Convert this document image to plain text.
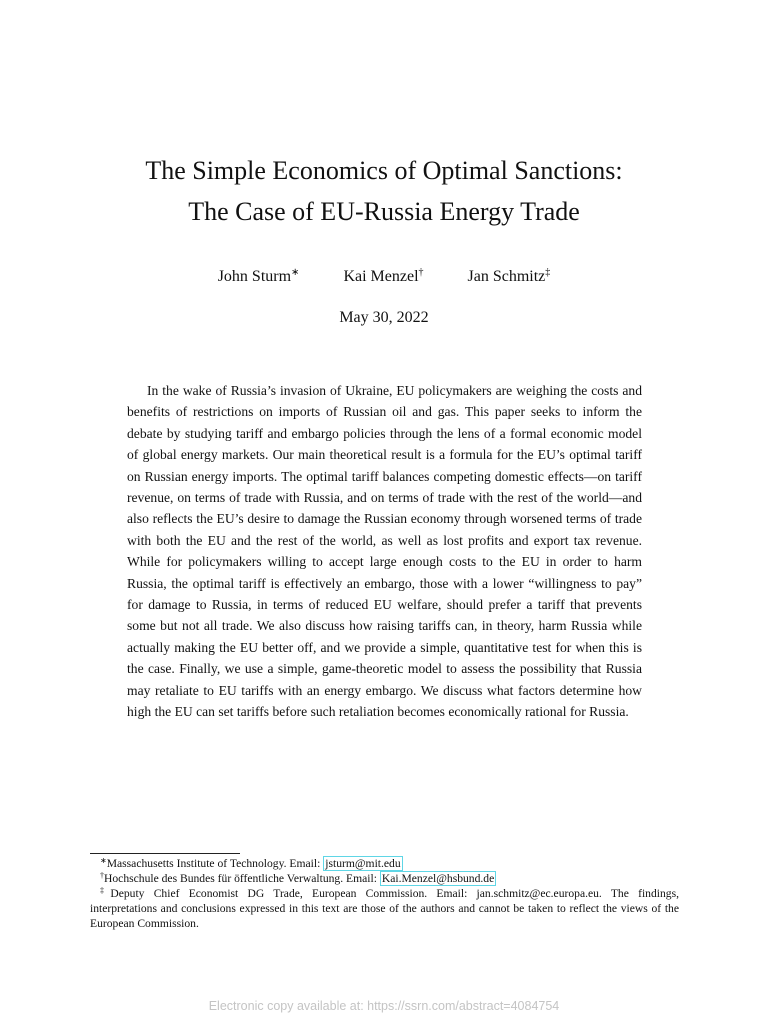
The Simple Economics of Optimal Sanctions:
The Case of EU-Russia Energy Trade
John Sturm∗	Kai Menzel†	Jan Schmitz‡
May 30, 2022

In the wake of Russia’s invasion of Ukraine, EU policymakers are weighing the costs and benefits of restrictions on imports of Russian oil and gas. This paper seeks to inform the debate by studying tariff and embargo policies through the lens of a formal economic model of global energy markets. Our main theoretical result is a formula for the EU’s optimal tariff on Russian energy imports. The optimal tariff balances competing domestic effects—on tariff revenue, on terms of trade with Russia, and on terms of trade with the rest of the world—and also reflects the EU’s desire to damage the Russian economy through worsened terms of trade with both the EU and the rest of the world, as well as lost profits and export tax revenue. While for policymakers willing to accept large enough costs to the EU in order to harm Russia, the optimal tariff is effectively an embargo, those with a lower “willingness to pay” for damage to Russia, in terms of reduced EU welfare, should prefer a tariff that prevents some but not all trade. We also discuss how raising tariffs can, in theory, harm Russia while actually making the EU better off, and we provide a simple, quantitative test for when this is the case. Finally, we use a simple, game-theoretic model to assess the possibility that Russia may retaliate to EU tariffs with an energy embargo. We discuss what factors determine how high the EU can set tariffs before such retaliation becomes economically rational for Russia.

∗Massachusetts Institute of Technology. Email: jsturm@mit.edu

†Hochschule des Bundes für öffentliche Verwaltung. Email: Kai.Menzel@hsbund.de

‡Deputy Chief Economist DG Trade, European Commission. Email: jan.schmitz@ec.europa.eu. The findings, interpretations and conclusions expressed in this text are those of the authors and cannot be taken to reflect the views of the European Commission.

Electronic copy available at: https://ssrn.com/abstract=4084754
